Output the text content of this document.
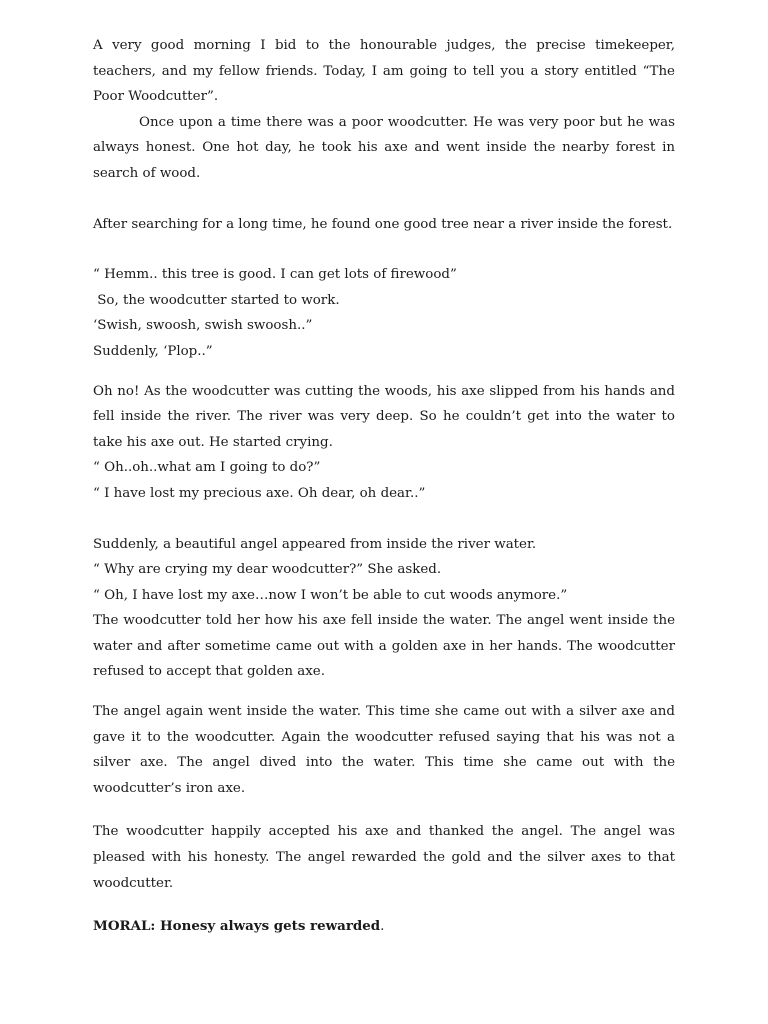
A very good morning I bid to the honourable judges, the precise timekeeper, teachers, and my fellow friends. Today, I am going to tell you a story entitled “The Poor Woodcutter”.

Once upon a time there was a poor woodcutter. He was very poor but he was always honest. One hot day, he took his axe and went inside the nearby forest in search of wood.

After searching for a long time, he found one good tree near a river inside the forest.

“ Hemm.. this tree is good. I can get lots of firewood”

So, the woodcutter started to work.

‘Swish, swoosh, swish swoosh..”

Suddenly, ‘Plop..”

Oh no! As the woodcutter was cutting the woods, his axe slipped from his hands and fell inside the river. The river was very deep. So he couldn’t get into the water to take his axe out. He started crying.

“ Oh..oh..what am I going to do?”

“ I have lost my precious axe. Oh dear, oh dear..”

Suddenly, a beautiful angel appeared from inside the river water.

“ Why are crying my dear woodcutter?” She asked.

“ Oh, I have lost my axe…now I won’t be able to cut woods anymore.”

The woodcutter told her how his axe fell inside the water. The angel went inside the water and after sometime came out with a golden axe in her hands. The woodcutter refused to accept that golden axe.

The angel again went inside the water. This time she came out with a silver axe and gave it to the woodcutter. Again the woodcutter refused saying that his was not a silver axe. The angel dived into the water. This time she came out with the woodcutter’s iron axe.

The woodcutter happily accepted his axe and thanked the angel. The angel was pleased with his honesty. The angel rewarded the gold and the silver axes to that woodcutter.

MORAL: Honesy always gets rewarded.
